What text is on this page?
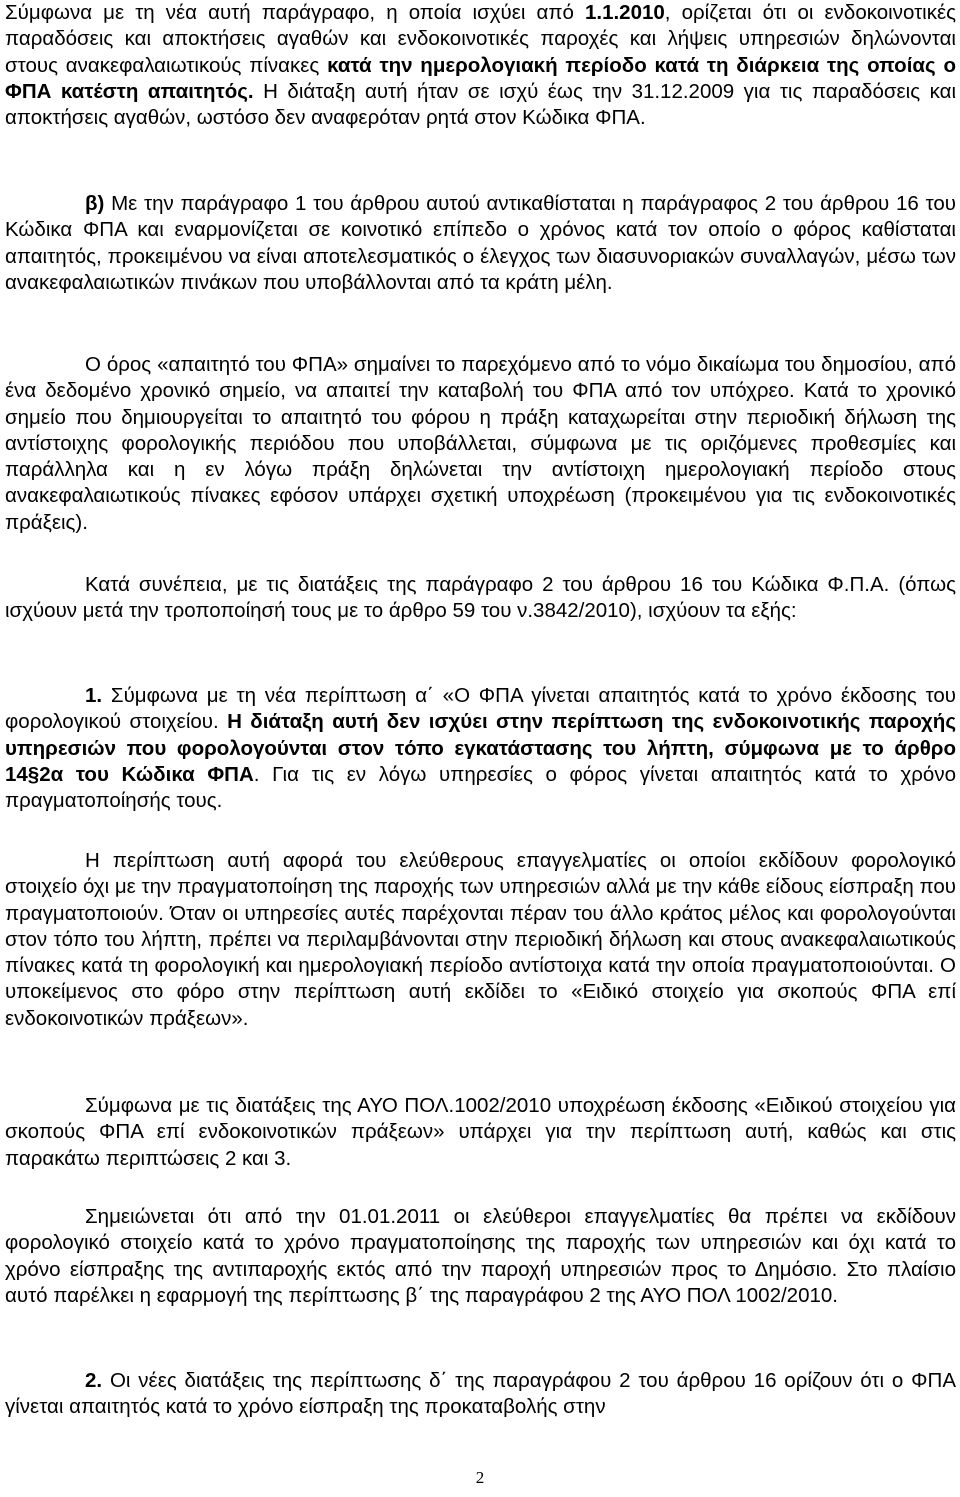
Σύμφωνα με τη νέα αυτή παράγραφο, η οποία ισχύει από 1.1.2010, ορίζεται ότι οι ενδοκοινοτικές παραδόσεις και αποκτήσεις αγαθών και ενδοκοινοτικές παροχές και λήψεις υπηρεσιών δηλώνονται στους ανακεφαλαιωτικούς πίνακες κατά την ημερολογιακή περίοδο κατά τη διάρκεια της οποίας ο ΦΠΑ κατέστη απαιτητός. Η διάταξη αυτή ήταν σε ισχύ έως την 31.12.2009 για τις παραδόσεις και αποκτήσεις αγαθών, ωστόσο δεν αναφερόταν ρητά στον Κώδικα ΦΠΑ.

β) Με την παράγραφο 1 του άρθρου αυτού αντικαθίσταται η παράγραφος 2 του άρθρου 16 του Κώδικα ΦΠΑ και εναρμονίζεται σε κοινοτικό επίπεδο ο χρόνος κατά τον οποίο ο φόρος καθίσταται απαιτητός, προκειμένου να είναι αποτελεσματικός ο έλεγχος των διασυνοριακών συναλλαγών, μέσω των ανακεφαλαιωτικών πινάκων που υποβάλλονται από τα κράτη μέλη.

Ο όρος «απαιτητό του ΦΠΑ» σημαίνει το παρεχόμενο από το νόμο δικαίωμα του δημοσίου, από ένα δεδομένο χρονικό σημείο, να απαιτεί την καταβολή του ΦΠΑ από τον υπόχρεο. Κατά το χρονικό σημείο που δημιουργείται το απαιτητό του φόρου η πράξη καταχωρείται στην περιοδική δήλωση της αντίστοιχης φορολογικής περιόδου που υποβάλλεται, σύμφωνα με τις οριζόμενες προθεσμίες και παράλληλα και η εν λόγω πράξη δηλώνεται την αντίστοιχη ημερολογιακή περίοδο στους ανακεφαλαιωτικούς πίνακες εφόσον υπάρχει σχετική υποχρέωση (προκειμένου για τις ενδοκοινοτικές πράξεις).

Κατά συνέπεια, με τις διατάξεις της παράγραφο 2 του άρθρου 16 του Κώδικα Φ.Π.Α. (όπως ισχύουν μετά την τροποποίησή τους με το άρθρο 59 του ν.3842/2010), ισχύουν τα εξής:

1. Σύμφωνα με τη νέα περίπτωση α΄ «Ο ΦΠΑ γίνεται απαιτητός κατά το χρόνο έκδοσης του φορολογικού στοιχείου. Η διάταξη αυτή δεν ισχύει στην περίπτωση της ενδοκοινοτικής παροχής υπηρεσιών που φορολογούνται στον τόπο εγκατάστασης του λήπτη, σύμφωνα με το άρθρο 14§2α του Κώδικα ΦΠΑ. Για τις εν λόγω υπηρεσίες ο φόρος γίνεται απαιτητός κατά το χρόνο πραγματοποίησής τους.

Η περίπτωση αυτή αφορά του ελεύθερους επαγγελματίες οι οποίοι εκδίδουν φορολογικό στοιχείο όχι με την πραγματοποίηση της παροχής των υπηρεσιών αλλά με την κάθε είδους είσπραξη που πραγματοποιούν. Όταν οι υπηρεσίες αυτές παρέχονται πέραν του άλλο κράτος μέλος και φορολογούνται στον τόπο του λήπτη, πρέπει να περιλαμβάνονται στην περιοδική δήλωση και στους ανακεφαλαιωτικούς πίνακες κατά τη φορολογική και ημερολογιακή περίοδο αντίστοιχα κατά την οποία πραγματοποιούνται. Ο υποκείμενος στο φόρο στην περίπτωση αυτή εκδίδει το «Ειδικό στοιχείο για σκοπούς ΦΠΑ επί ενδοκοινοτικών πράξεων».

Σύμφωνα με τις διατάξεις της ΑΥΟ ΠΟΛ.1002/2010 υποχρέωση έκδοσης «Ειδικού στοιχείου για σκοπούς ΦΠΑ επί ενδοκοινοτικών πράξεων» υπάρχει για την περίπτωση αυτή, καθώς και στις παρακάτω περιπτώσεις 2 και 3.

Σημειώνεται ότι από την 01.01.2011 οι ελεύθεροι επαγγελματίες θα πρέπει να εκδίδουν φορολογικό στοιχείο κατά το χρόνο πραγματοποίησης της παροχής των υπηρεσιών και όχι κατά το χρόνο είσπραξης της αντιπαροχής εκτός από την παροχή υπηρεσιών προς το Δημόσιο. Στο πλαίσιο αυτό παρέλκει η εφαρμογή της περίπτωσης β΄ της παραγράφου 2 της ΑΥΟ ΠΟΛ 1002/2010.

2. Οι νέες διατάξεις της περίπτωσης δ΄ της παραγράφου 2 του άρθρου 16 ορίζουν ότι ο ΦΠΑ γίνεται απαιτητός κατά το χρόνο είσπραξη της προκαταβολής στην

2
